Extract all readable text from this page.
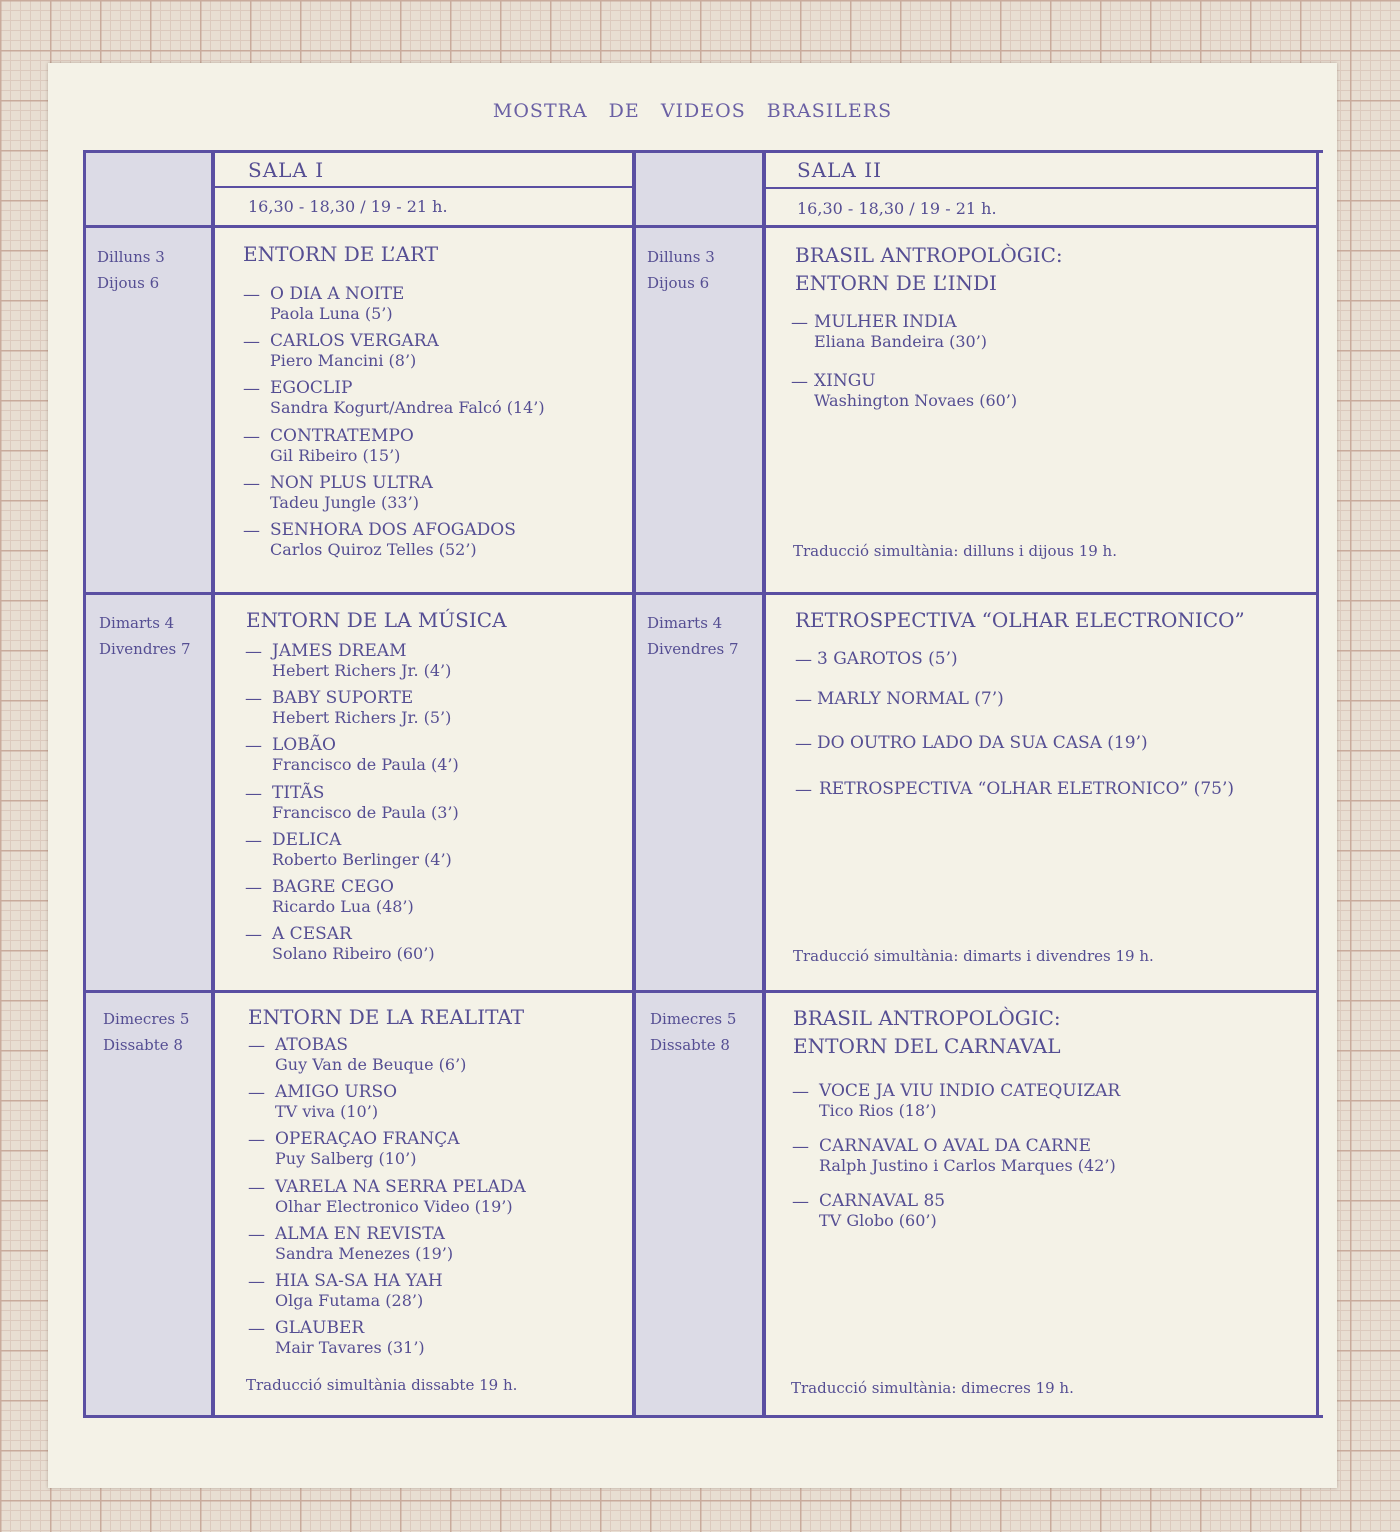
MOSTRA DE VIDEOS BRASILERS
SALA I
16,30 - 18,30 / 19 - 21 h.
SALA II
16,30 - 18,30 / 19 - 21 h.
Dilluns 3
Dijous 6
ENTORN DE L’ART
— O DIA A NOITE
Paola Luna (5’)
— CARLOS VERGARA
Piero Mancini (8’)
— EGOCLIP
Sandra Kogurt/Andrea Falcó (14’)
— CONTRATEMPO
Gil Ribeiro (15’)
— NON PLUS ULTRA
Tadeu Jungle (33’)
— SENHORA DOS AFOGADOS
Carlos Quiroz Telles (52’)
Dimarts 4
Divendres 7
ENTORN DE LA MÚSICA
— JAMES DREAM
Hebert Richers Jr. (4’)
— BABY SUPORTE
Hebert Richers Jr. (5’)
— LOBÃO
Francisco de Paula (4’)
— TITÃS
Francisco de Paula (3’)
— DELICA
Roberto Berlinger (4’)
— BAGRE CEGO
Ricardo Lua (48’)
— A CESAR
Solano Ribeiro (60’)
Dimecres 5
Dissabte 8
ENTORN DE LA REALITAT
— ATOBAS
Guy Van de Beuque (6’)
— AMIGO URSO
TV viva (10’)
— OPERAÇAO FRANÇA
Puy Salberg (10’)
— VARELA NA SERRA PELADA
Olhar Electronico Video (19’)
— ALMA EN REVISTA
Sandra Menezes (19’)
— HIA SA-SA HA YAH
Olga Futama (28’)
— GLAUBER
Mair Tavares (31’)
Traducció simultània dissabte 19 h.
Dilluns 3
Dijous 6
BRASIL ANTROPOLÒGIC:
ENTORN DE L’INDI
— MULHER INDIA
Eliana Bandeira (30’)
— XINGU
Washington Novaes (60’)
Traducció simultània: dilluns i dijous 19 h.
Dimarts 4
Divendres 7
RETROSPECTIVA “OLHAR ELECTRONICO”
— 3 GAROTOS (5’)
— MARLY NORMAL (7’)
— DO OUTRO LADO DA SUA CASA (19’)
— RETROSPECTIVA “OLHAR ELETRONICO” (75’)
Traducció simultània: dimarts i divendres 19 h.
Dimecres 5
Dissabte 8
BRASIL ANTROPOLÒGIC:
ENTORN DEL CARNAVAL
— VOCE JA VIU INDIO CATEQUIZAR
Tico Rios (18’)
— CARNAVAL O AVAL DA CARNE
Ralph Justino i Carlos Marques (42’)
— CARNAVAL 85
TV Globo (60’)
Traducció simultània: dimecres 19 h.
